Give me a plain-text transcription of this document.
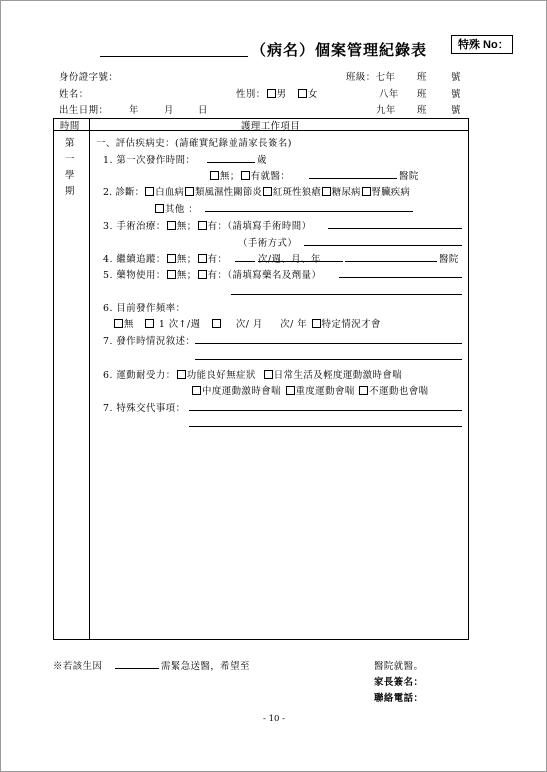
（病名）個案管理紀錄表	特殊 No：
身份證字號：	班級：七年 班	號
姓名：	性別： 男 女	八年 班	號
出生日期： 年	月	日	九年 班	號
時間	護理工作項目
第
一
學
期
一、評估疾病史：(請確實紀錄並請家長簽名)
1. 第一次發作時間：	歲
無； 有就醫：	醫院
2. 診斷： 白血病 類風濕性關節炎 紅斑性狼瘡 糖尿病 腎臟疾病
其他 ：
3. 手術治療： 無； 有：（請填寫手術時間）
（手術方式）
4. 繼續追蹤： 無； 有：	次/週、月、年	醫院
5. 藥物使用： 無； 有：（請填寫藥名及劑量）
6. 目前發作頻率：
無	1 次↑/週	次/ 月 次/ 年 特定情況才會
7. 發作時情況敘述：
6. 運動耐受力： 功能良好無症狀 日常生活及輕度運動激時會喘
中度運動激時會喘 重度運動會喘 不運動也會喘
7. 特殊交代事項：
※若該生因	需緊急送醫，希望至	醫院就醫。
家長簽名：
聯絡電話：
- 10 -
